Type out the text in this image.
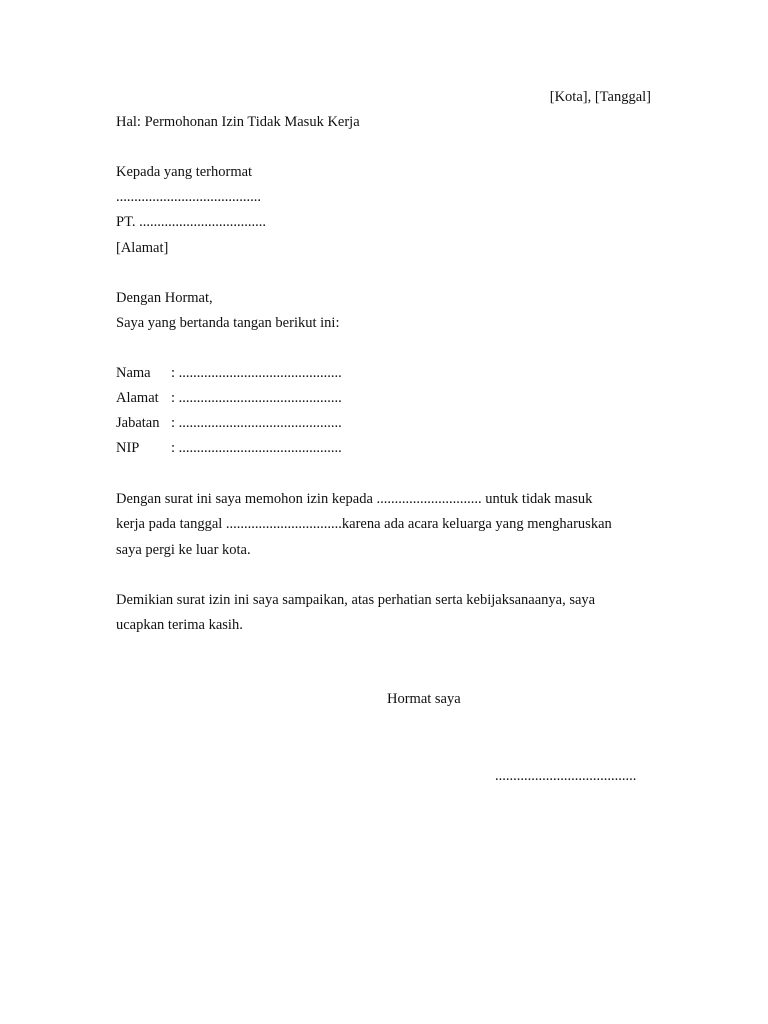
[Kota], [Tanggal]
Hal: Permohonan Izin Tidak Masuk Kerja
Kepada yang terhormat
........................................
PT. ...................................
[Alamat]
Dengan Hormat,
Saya yang bertanda tangan berikut ini:
Nama : .............................................
Alamat : .............................................
Jabatan : .............................................
NIP : .............................................
Dengan surat ini saya memohon izin kepada ............................. untuk tidak masuk
kerja pada tanggal ................................karena ada acara keluarga yang mengharuskan
saya pergi ke luar kota.
Demikian surat izin ini saya sampaikan, atas perhatian serta kebijaksanaanya, saya
ucapkan terima kasih.
Hormat saya
.......................................
